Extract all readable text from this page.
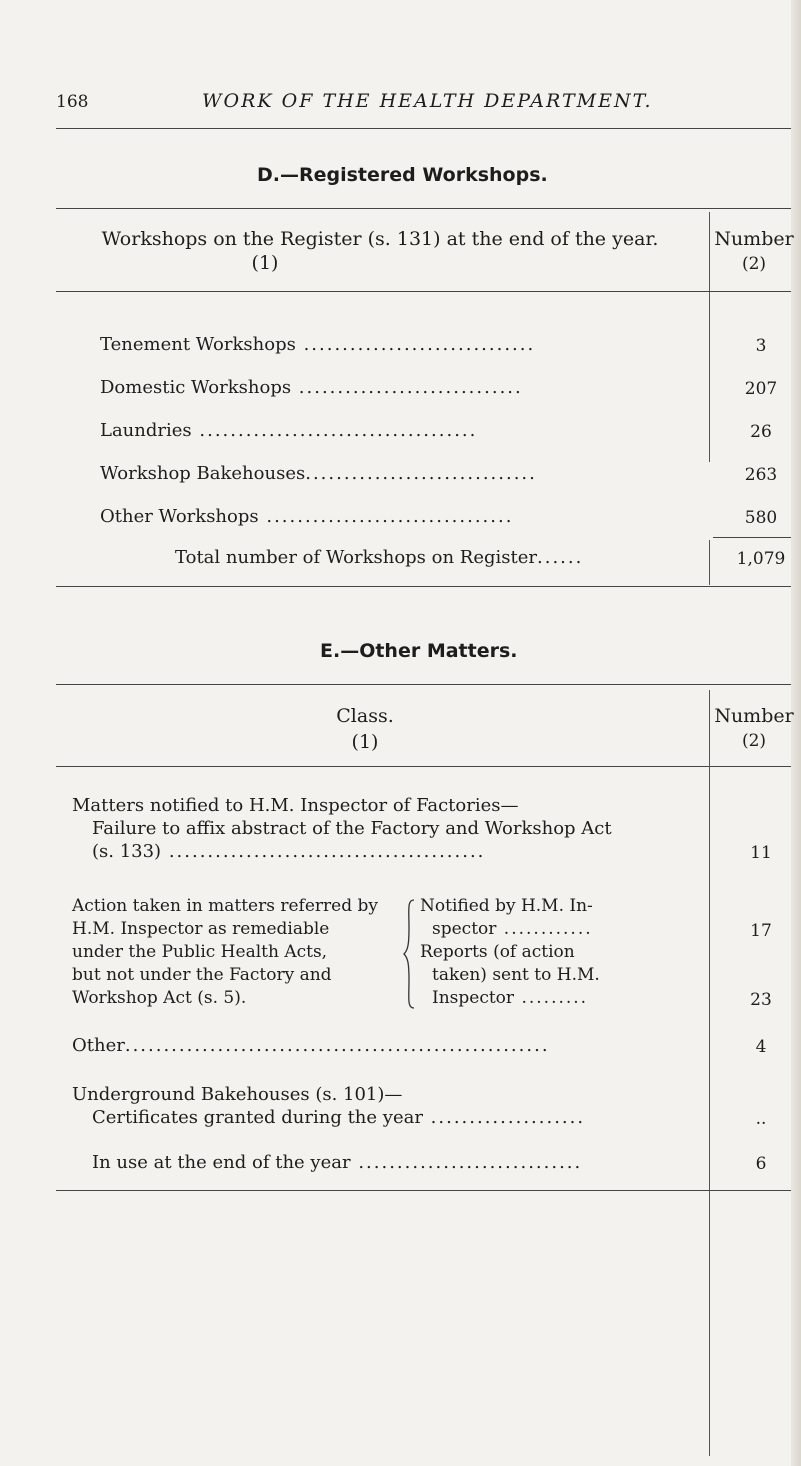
168	WORK OF THE HEALTH DEPARTMENT.
D.—Registered Workshops.
Workshops on the Register (s. 131) at the end of the year.
(1)
Number
(2)
Tenement Workshops ..............................	3
Domestic Workshops .............................	207
Laundries ....................................	26
Workshop Bakehouses..............................	263
Other Workshops ................................	580
Total number of Workshops on Register......	1,079
E.—Other Matters.
Class.
(1)
Number
(2)
Matters notified to H.M. Inspector of Factories—
Failure to affix abstract of the Factory and Workshop Act
(s. 133) .........................................	11
Action taken in matters referred by
H.M. Inspector as remediable
under the Public Health Acts,
but not under the Factory and
Workshop Act (s. 5).
Notified by H.M. In-
spector ............	17
Reports (of action
taken) sent to H.M.
Inspector .........	23
Other.......................................................	4
Underground Bakehouses (s. 101)—
Certificates granted during the year ....................	..
In use at the end of the year .............................	6
